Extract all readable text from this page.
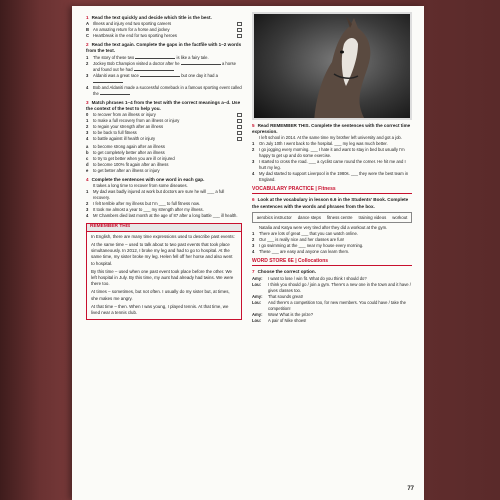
1 Read the text quickly and decide which title is the best.
A Illness and injury end two sporting careers
B An amazing return for a horse and jockey
C Heartbreak in the end for two sporting heroes
2 Read the text again. Complete the gaps in the factfile with 1–2 words from the text.
1 The story of these two	is like a fairy tale.
2 Jockey Bob Champion visited a doctor after he	a horse and found out he had
3 Aldaniti was a great race	but one day it had a
4 Bob and Aldaniti made a successful comeback in a famous sporting event called the
3 Match phrases 1–4 from the text with the correct meanings a–d. Use the context of the text to help you.
0 to recover from an illness or injury
1 to make a full recovery from an illness or injury
2 to regain your strength after an illness
3 to be back to full fitness
4 to battle against ill health or injury
a to become strong again after an illness
b to get completely better after an illness
c to try to get better when you are ill or injured
d to become 100% fit again after an illness
e to get better after an illness or injury
4 Complete the sentences with one word in each gap.
It takes a long time to recover from some diseases.
1 My dad was badly injured at work but doctors are sure he will ___ a full recovery.
2 I felt terrible after my illness but I'm ___ to full fitness now.
3 It took me almost a year to ___ my strength after my illness.
4 Mr Chambers died last month at the age of 87 after a long battle ___ ill health.
REMEMBER THIS
In English, there are many time expressions used to describe past events:
At the same time – used to talk about to two past events that took place simultaneously. In 2012, I broke my leg and had to go to hospital. At the same time, my sister broke my leg. Helen fell off her horse and also went to hospital.
By this time – used when one past event took place before the other. We left hospital in July. By this time, my aunt had already had twins. We were there too.
At times – sometimes, but not often. I usually do my sister but, at times, she makes me angry.
At that time – then. When I was young, I played tennis. At that time, we lived near a tennis club.
5 Read REMEMBER THIS. Complete the sentences with the correct time expression.
I left school in 2014. At the same time my brother left university and got a job.
1 On July 10th I went back to the hospital. ___ my leg was much better.
2 I go jogging every morning. ___ I hate it and want to stay in bed but usually I'm happy to get up and do some exercise.
3 I started to cross the road. ___ a cyclist came round the corner. He hit me and I hurt my leg.
4 My dad started to support Liverpool in the 1980s. ___ they were the best team in England.
VOCABULARY PRACTICE | Fitness
6 Look at the vocabulary in lesson 6.6 in the Students' Book. Complete the sentences with the words and phrases from the box.
aerobics instructor dance steps fitness centre training videos workout
Natalia and Katya were very tired after they did a workout at the gym.
1 There are lots of great ___ that you can watch online.
2 Our ___ is really nice and her classes are fun!
3 I go swimming at the ___ near my house every morning.
4 These ___ are easy and anyone can learn them.
WORD STORE 6E | Collocations
7 Choose the correct option.
Amy:	I want to lose / win fit. What do you think I should do?
Lou:	I think you should go / join a gym. There's a new one in the town and it have / gives classes too.
Amy:	That sounds great!
Lou:	And there's a competition too, for new members. You could have / take the competition!
Amy:	Wow! What is the prize?
Lou:	A pair of Nike shoes!
77
